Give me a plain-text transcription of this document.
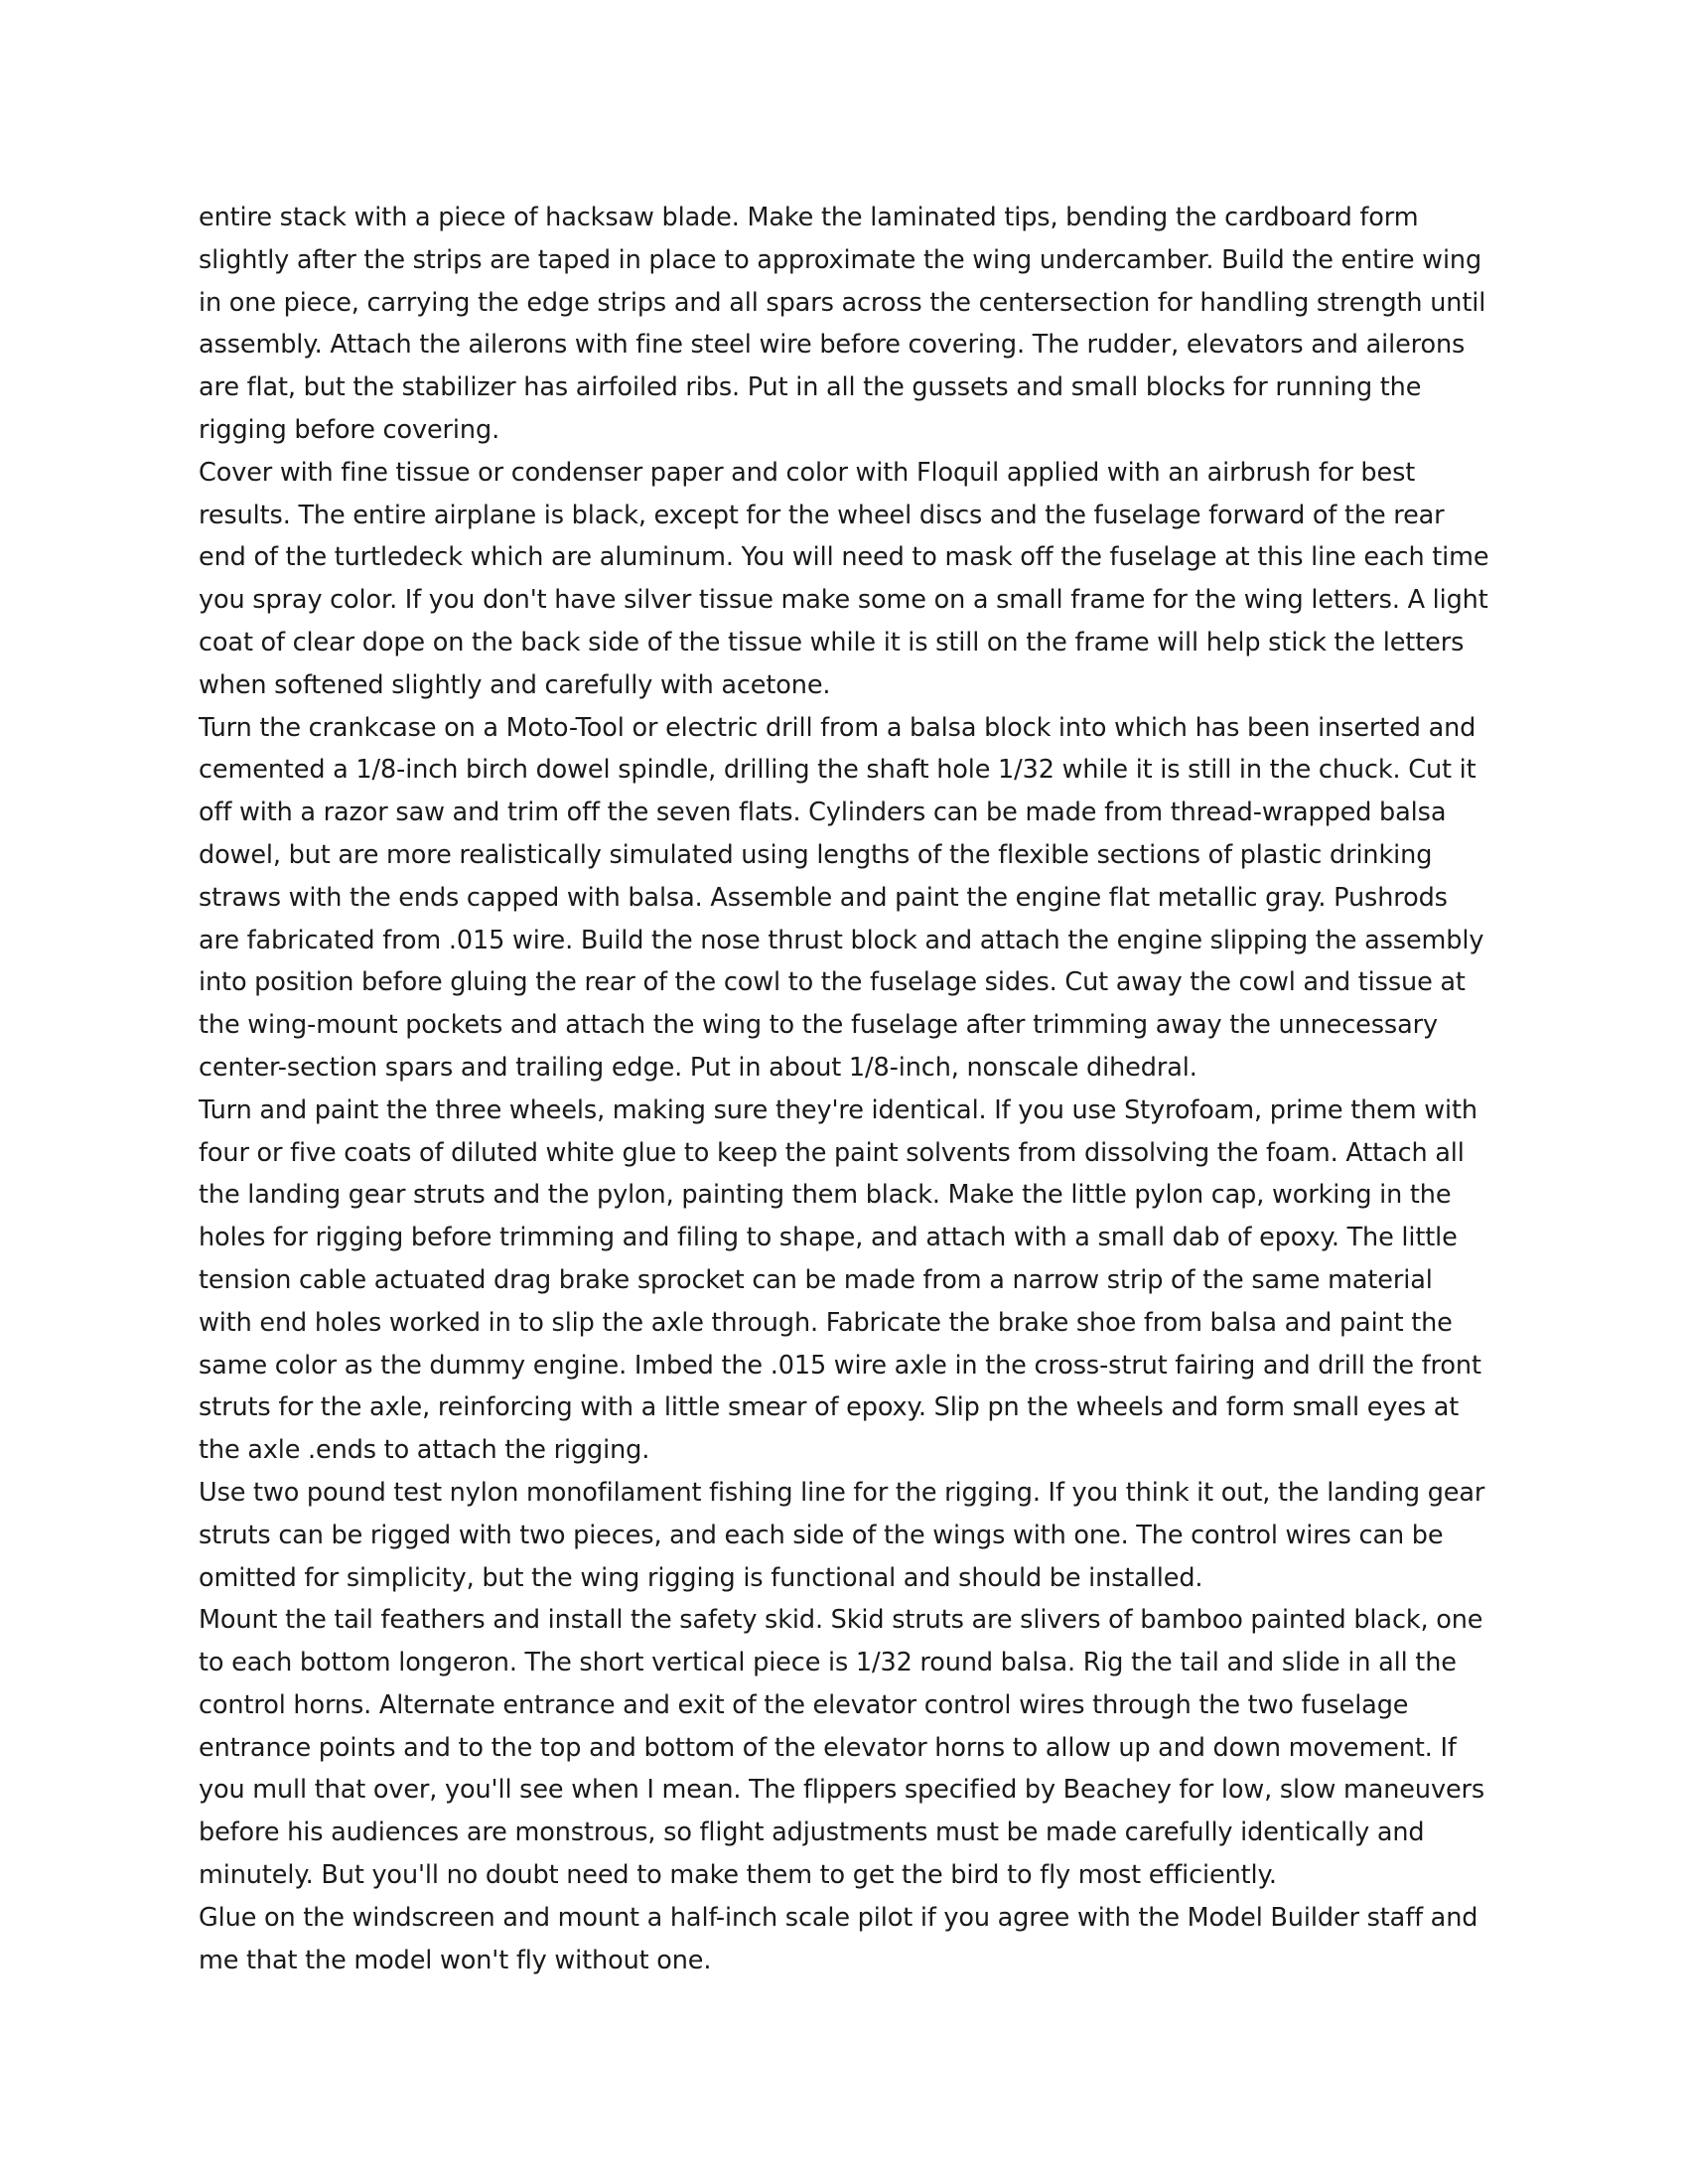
entire stack with a piece of hacksaw blade. Make the laminated tips, bending the cardboard form slightly after the strips are taped in place to approximate the wing undercamber. Build the entire wing in one piece, carrying the edge strips and all spars across the centersection for handling strength until assembly. Attach the ailerons with fine steel wire before covering. The rudder, elevators and ailerons are flat, but the stabilizer has airfoiled ribs. Put in all the gussets and small blocks for running the rigging before covering.

Cover with fine tissue or condenser paper and color with Floquil applied with an airbrush for best results. The entire airplane is black, except for the wheel discs and the fuselage forward of the rear end of the turtledeck which are aluminum. You will need to mask off the fuselage at this line each time you spray color. If you don't have silver tissue make some on a small frame for the wing letters. A light coat of clear dope on the back side of the tissue while it is still on the frame will help stick the letters when softened slightly and carefully with acetone.

Turn the crankcase on a Moto-Tool or electric drill from a balsa block into which has been inserted and cemented a 1/8-inch birch dowel spindle, drilling the shaft hole 1/32 while it is still in the chuck. Cut it off with a razor saw and trim off the seven flats. Cylinders can be made from thread-wrapped balsa dowel, but are more realistically simulated using lengths of the flexible sections of plastic drinking straws with the ends capped with balsa. Assemble and paint the engine flat metallic gray. Pushrods are fabricated from .015 wire. Build the nose thrust block and attach the engine slipping the assembly into position before gluing the rear of the cowl to the fuselage sides. Cut away the cowl and tissue at the wing-mount pockets and attach the wing to the fuselage after trimming away the unnecessary center-section spars and trailing edge. Put in about 1/8-inch, nonscale dihedral.

Turn and paint the three wheels, making sure they're identical. If you use Styrofoam, prime them with four or five coats of diluted white glue to keep the paint solvents from dissolving the foam. Attach all the landing gear struts and the pylon, painting them black. Make the little pylon cap, working in the holes for rigging before trimming and filing to shape, and attach with a small dab of epoxy. The little tension cable actuated drag brake sprocket can be made from a narrow strip of the same material with end holes worked in to slip the axle through. Fabricate the brake shoe from balsa and paint the same color as the dummy engine. Imbed the .015 wire axle in the cross-strut fairing and drill the front struts for the axle, reinforcing with a little smear of epoxy. Slip pn the wheels and form small eyes at the axle .ends to attach the rigging.

Use two pound test nylon monofilament fishing line for the rigging. If you think it out, the landing gear struts can be rigged with two pieces, and each side of the wings with one. The control wires can be omitted for simplicity, but the wing rigging is functional and should be installed.

Mount the tail feathers and install the safety skid. Skid struts are slivers of bamboo painted black, one to each bottom longeron. The short vertical piece is 1/32 round balsa. Rig the tail and slide in all the control horns. Alternate entrance and exit of the elevator control wires through the two fuselage entrance points and to the top and bottom of the elevator horns to allow up and down movement. If you mull that over, you'll see when I mean. The flippers specified by Beachey for low, slow maneuvers before his audiences are monstrous, so flight adjustments must be made carefully identically and minutely. But you'll no doubt need to make them to get the bird to fly most efficiently.

Glue on the windscreen and mount a half-inch scale pilot if you agree with the Model Builder staff and me that the model won't fly without one.
